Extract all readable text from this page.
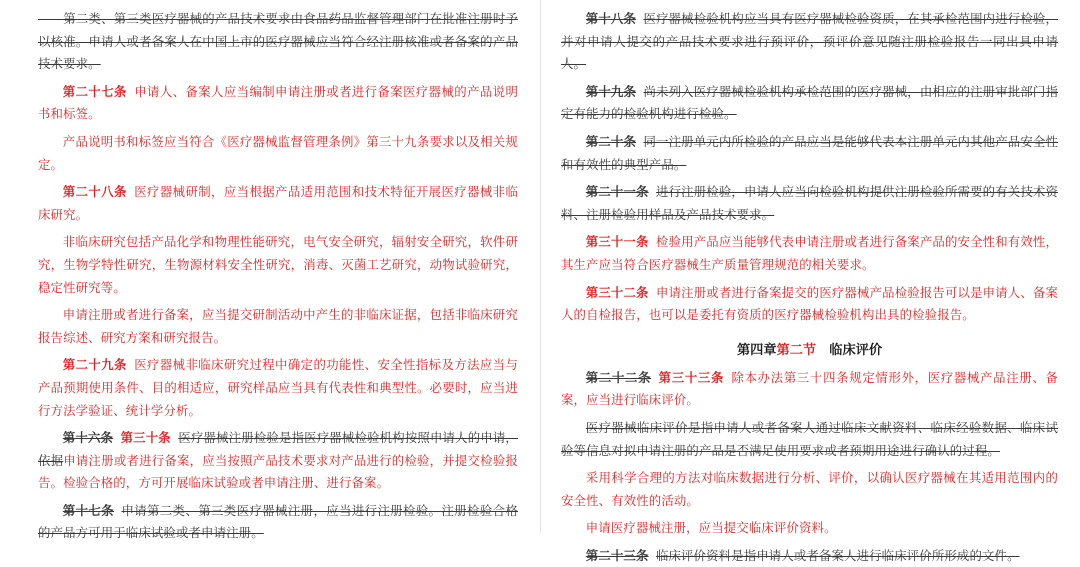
　　第二类、第三类医疗器械的产品技术要求由食品药品监督管理部门在批准注册时予以核准。申请人或者备案人在中国上市的医疗器械应当符合经注册核准或者备案的产品技术要求。

第二十七条 申请人、备案人应当编制申请注册或者进行备案医疗器械的产品说明书和标签。

产品说明书和标签应当符合《医疗器械监督管理条例》第三十九条要求以及相关规定。

第二十八条 医疗器械研制，应当根据产品适用范围和技术特征开展医疗器械非临床研究。

非临床研究包括产品化学和物理性能研究，电气安全研究，辐射安全研究，软件研究，生物学特性研究，生物源材料安全性研究，消毒、灭菌工艺研究，动物试验研究，稳定性研究等。

申请注册或者进行备案，应当提交研制活动中产生的非临床证据，包括非临床研究报告综述、研究方案和研究报告。

第二十九条 医疗器械非临床研究过程中确定的功能性、安全性指标及方法应当与产品预期使用条件、目的相适应，研究样品应当具有代表性和典型性。必要时，应当进行方法学验证、统计学分析。

第十六条 第三十条 医疗器械注册检验是指医疗器械检验机构按照申请人的申请，依据申请注册或者进行备案，应当按照产品技术要求对产品进行的检验，并提交检验报告。检验合格的，方可开展临床试验或者申请注册、进行备案。

第十七条 申请第二类、第三类医疗器械注册，应当进行注册检验。注册检验合格的产品方可用于临床试验或者申请注册。

第十八条 医疗器械检验机构应当具有医疗器械检验资质，在其承检范围内进行检验，并对申请人提交的产品技术要求进行预评价，预评价意见随注册检验报告一同出具申请人。

第十九条 尚未列入医疗器械检验机构承检范围的医疗器械，由相应的注册审批部门指定有能力的检验机构进行检验。

第二十条 同一注册单元内所检验的产品应当是能够代表本注册单元内其他产品安全性和有效性的典型产品。

第二十一条 进行注册检验，申请人应当向检验机构提供注册检验所需要的有关技术资料、注册检验用样品及产品技术要求。

第三十一条 检验用产品应当能够代表申请注册或者进行备案产品的安全性和有效性，其生产应当符合医疗器械生产质量管理规范的相关要求。

第三十二条 申请注册或者进行备案提交的医疗器械产品检验报告可以是申请人、备案人的自检报告，也可以是委托有资质的医疗器械检验机构出具的检验报告。

第四章第二节　临床评价

第二十二条 第三十三条 除本办法第三十四条规定情形外，医疗器械产品注册、备案，应当进行临床评价。

医疗器械临床评价是指申请人或者备案人通过临床文献资料、临床经验数据、临床试验等信息对拟申请注册的产品是否满足使用要求或者预期用途进行确认的过程。

采用科学合理的方法对临床数据进行分析、评价，以确认医疗器械在其适用范围内的安全性、有效性的活动。

申请医疗器械注册，应当提交临床评价资料。

第二十三条 临床评价资料是指申请人或者备案人进行临床评价所形成的文件。
